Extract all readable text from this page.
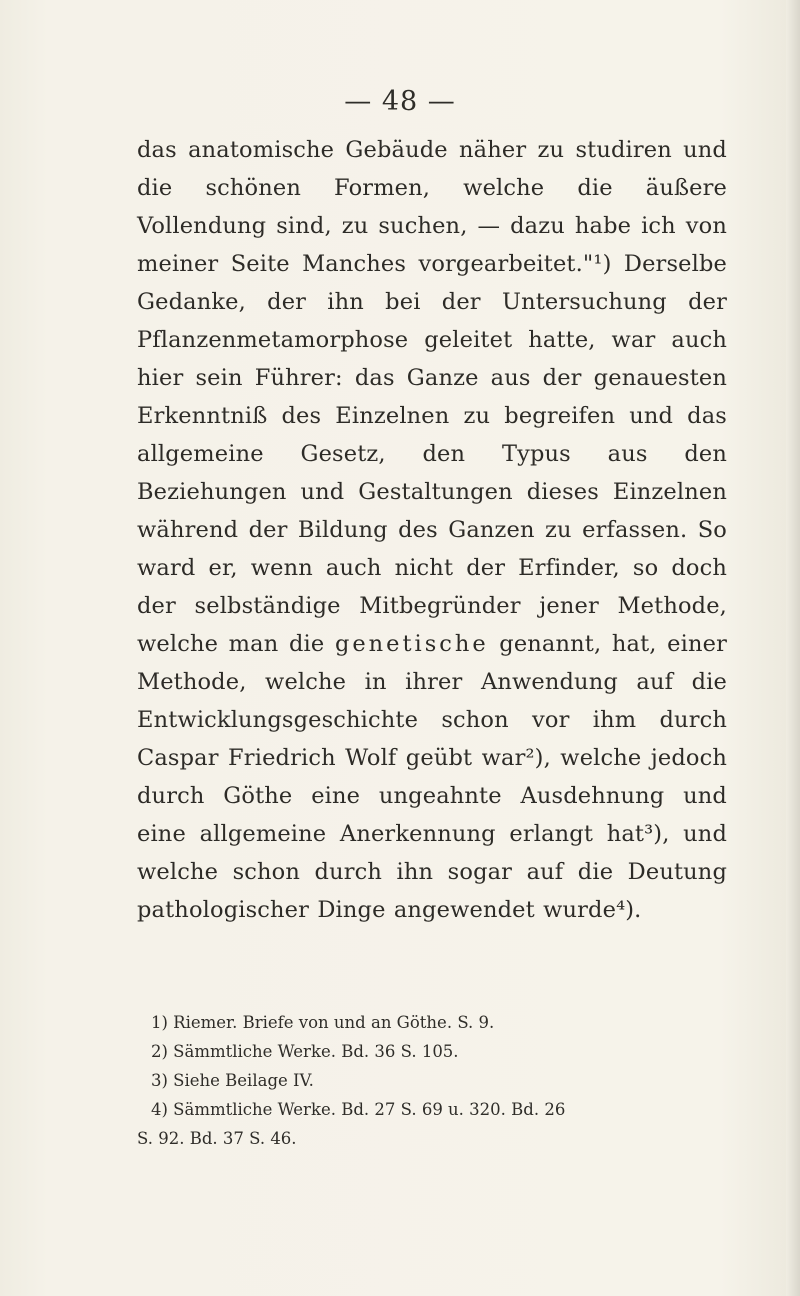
— 48 —

das anatomische Gebäude näher zu studiren und die schönen Formen, welche die äußere Vollendung sind, zu suchen, — dazu habe ich von meiner Seite Manches vorgearbeitet."¹) Derselbe Gedanke, der ihn bei der Untersuchung der Pflanzenmetamorphose geleitet hatte, war auch hier sein Führer: das Ganze aus der genauesten Erkenntniß des Einzelnen zu begreifen und das allgemeine Gesetz, den Typus aus den Beziehungen und Gestaltungen dieses Einzelnen während der Bildung des Ganzen zu erfassen. So ward er, wenn auch nicht der Erfinder, so doch der selbständige Mitbegründer jener Methode, welche man die genetische genannt, hat, einer Methode, welche in ihrer Anwendung auf die Entwicklungsgeschichte schon vor ihm durch Caspar Friedrich Wolf geübt war²), welche jedoch durch Göthe eine ungeahnte Ausdehnung und eine allgemeine Anerkennung erlangt hat³), und welche schon durch ihn sogar auf die Deutung pathologischer Dinge angewendet wurde⁴).

1) Riemer. Briefe von und an Göthe. S. 9.
2) Sämmtliche Werke. Bd. 36 S. 105.
3) Siehe Beilage IV.
4) Sämmtliche Werke. Bd. 27 S. 69 u. 320. Bd. 26
S. 92. Bd. 37 S. 46.
